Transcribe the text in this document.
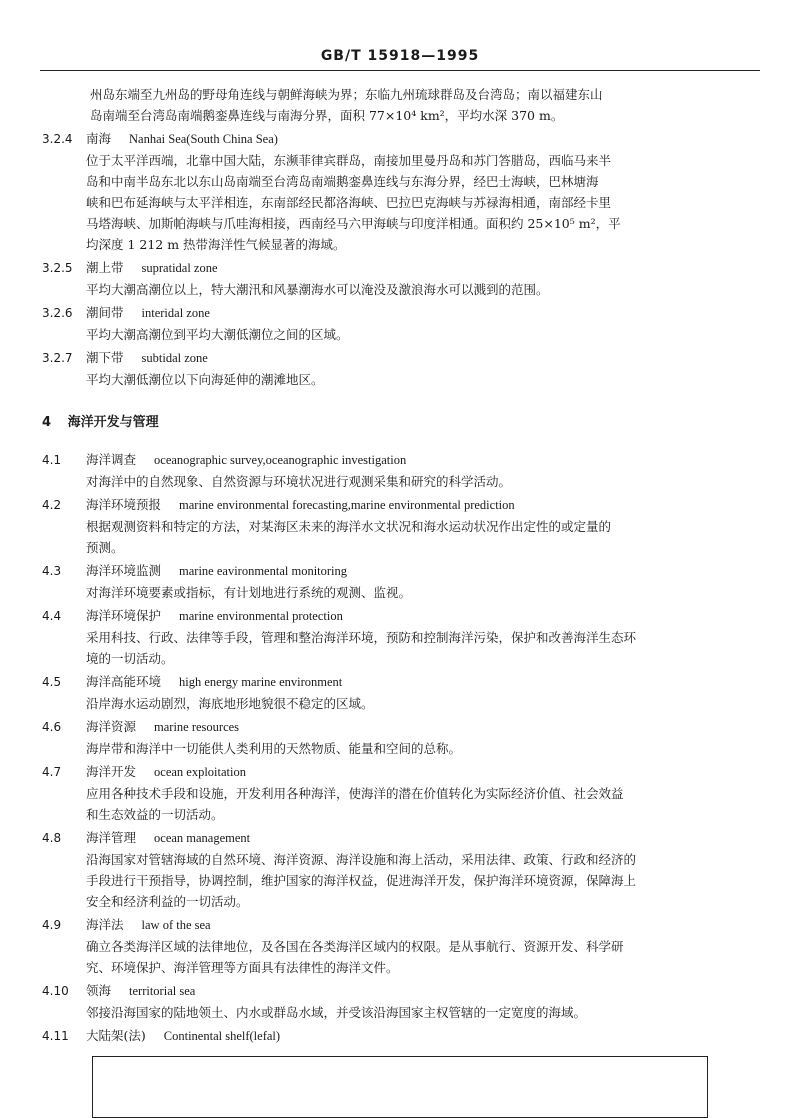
GB/T 15918—1995
州岛东端至九州岛的野母角连线与朝鲜海峡为界；东临九州琉球群岛及台湾岛；南以福建东山
岛南端至台湾岛南端鹅銮鼻连线与南海分界，面积 77×10⁴ km²，平均水深 370 m。
3.2.4	南海 Nanhai Sea(South China Sea)
位于太平洋西端，北靠中国大陆，东濒菲律宾群岛，南接加里曼丹岛和苏门答腊岛，西临马来半
岛和中南半岛东北以东山岛南端至台湾岛南端鹅銮鼻连线与东海分界，经巴士海峡，巴林塘海
峡和巴布延海峡与太平洋相连，东南部经民都洛海峡、巴拉巴克海峡与苏禄海相通，南部经卡里
马塔海峡、加斯帕海峡与爪哇海相接，西南经马六甲海峡与印度洋相通。面积约 25×10⁵ m²，平
均深度 1 212 m 热带海洋性气候显著的海域。
3.2.5	潮上带 supratidal zone
平均大潮高潮位以上，特大潮汛和风暴潮海水可以淹没及激浪海水可以溅到的范围。
3.2.6	潮间带 interidal zone
平均大潮高潮位到平均大潮低潮位之间的区域。
3.2.7	潮下带 subtidal zone
平均大潮低潮位以下向海延伸的潮滩地区。
4 海洋开发与管理
4.1	海洋调查 oceanographic survey,oceanographic investigation
对海洋中的自然现象、自然资源与环境状况进行观测采集和研究的科学活动。
4.2	海洋环境预报 marine environmental forecasting,marine environmental prediction
根据观测资料和特定的方法，对某海区未来的海洋水文状况和海水运动状况作出定性的或定量的
预测。
4.3	海洋环境监测 marine eavironmental monitoring
对海洋环境要素或指标，有计划地进行系统的观测、监视。
4.4	海洋环境保护 marine environmental protection
采用科技、行政、法律等手段，管理和整治海洋环境，预防和控制海洋污染，保护和改善海洋生态环
境的一切活动。
4.5	海洋高能环境 high energy marine environment
沿岸海水运动剧烈，海底地形地貌很不稳定的区域。
4.6	海洋资源 marine resources
海岸带和海洋中一切能供人类利用的天然物质、能量和空间的总称。
4.7	海洋开发 ocean exploitation
应用各种技术手段和设施，开发利用各种海洋，使海洋的潜在价值转化为实际经济价值、社会效益
和生态效益的一切活动。
4.8	海洋管理 ocean management
沿海国家对管辖海域的自然环境、海洋资源、海洋设施和海上活动，采用法律、政策、行政和经济的
手段进行干预指导，协调控制，维护国家的海洋权益，促进海洋开发，保护海洋环境资源，保障海上
安全和经济利益的一切活动。
4.9	海洋法 law of the sea
确立各类海洋区域的法律地位，及各国在各类海洋区域内的权限。是从事航行、资源开发、科学研
究、环境保护、海洋管理等方面具有法律性的海洋文件。
4.10	领海 territorial sea
邻接沿海国家的陆地领土、内水或群岛水域，并受该沿海国家主权管辖的一定宽度的海域。
4.11	大陆架(法) Continental shelf(lefal)
